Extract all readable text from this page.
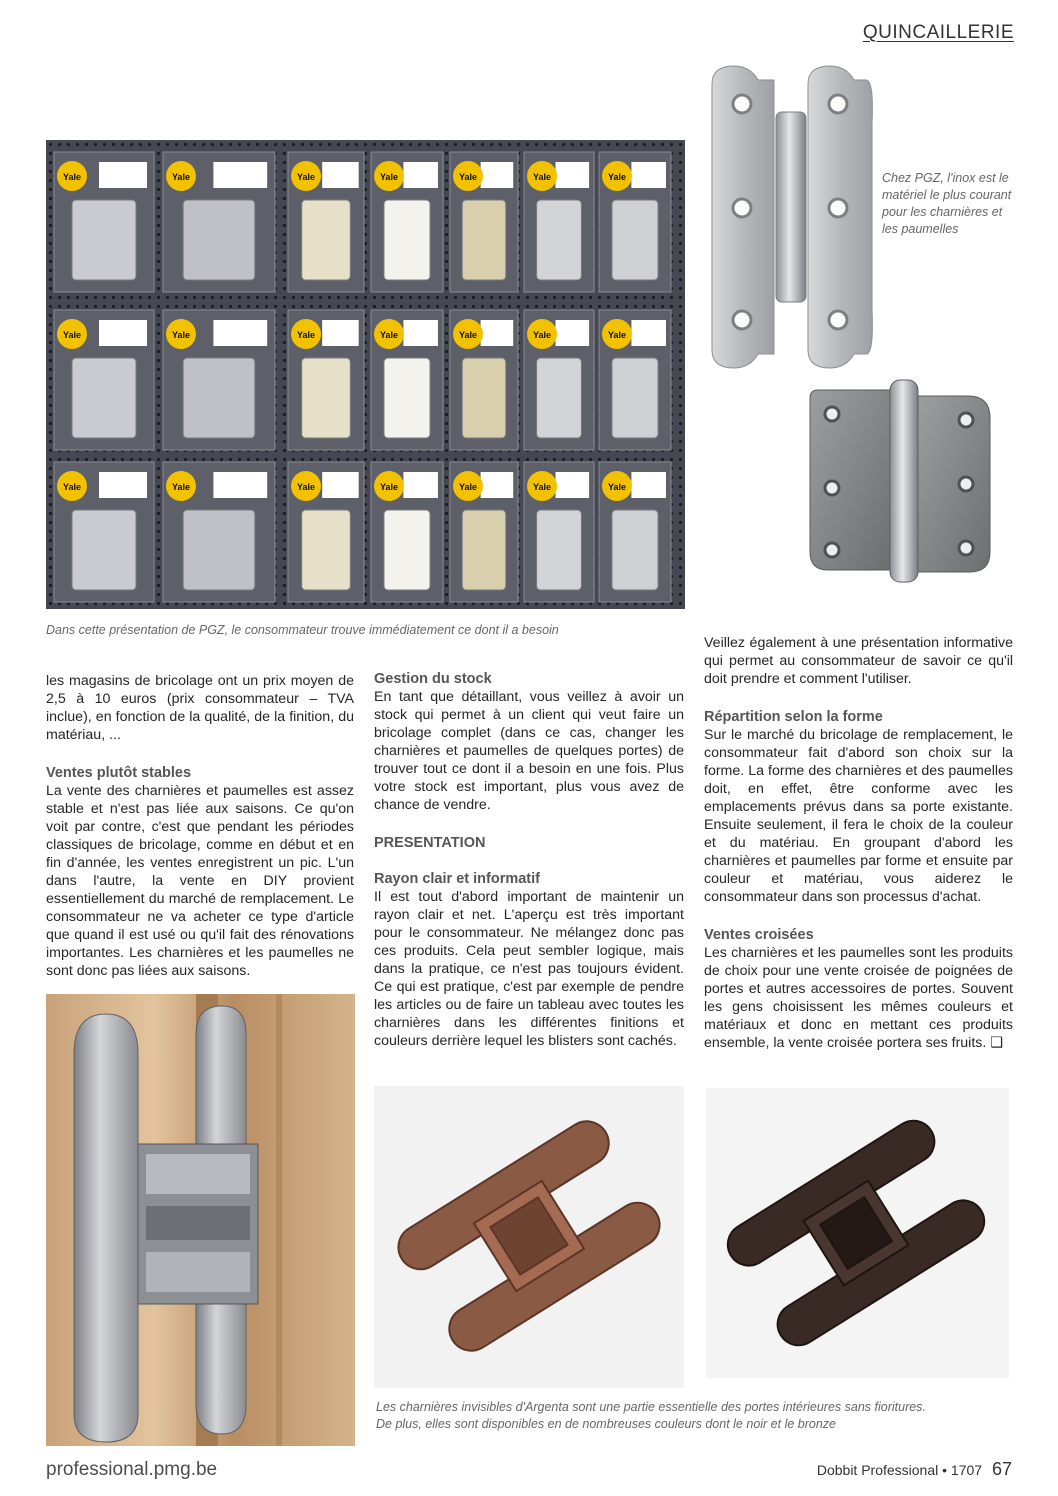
QUINCAILLERIE
Yale	Yale	Yale	Yale	Yale	Yale	Yale
Yale	Yale	Yale	Yale	Yale	Yale	Yale
Yale	Yale	Yale	Yale	Yale	Yale	Yale
Dans cette présentation de PGZ, le consommateur trouve immédiatement ce dont il a besoin
Chez PGZ, l'inox est le matériel le plus courant pour les charnières et les paumelles

les magasins de bricolage ont un prix moyen de 2,5 à 10 euros (prix consommateur – TVA inclue), en fonction de la qualité, de la finition, du matériau, ...

Ventes plutôt stables

La vente des charnières et paumelles est assez stable et n'est pas liée aux saisons. Ce qu'on voit par contre, c'est que pendant les périodes classiques de bricolage, comme en début et en fin d'année, les ventes enregistrent un pic. L'un dans l'autre, la vente en DIY provient essentiellement du marché de remplacement. Le consommateur ne va acheter ce type d'article que quand il est usé ou qu'il fait des rénovations importantes. Les charnières et les paumelles ne sont donc pas liées aux saisons.

Gestion du stock

En tant que détaillant, vous veillez à avoir un stock qui permet à un client qui veut faire un bricolage complet (dans ce cas, changer les charnières et paumelles de quelques portes) de trouver tout ce dont il a besoin en une fois. Plus votre stock est important, plus vous avez de chance de vendre.

PRESENTATION
Rayon clair et informatif

Il est tout d'abord important de maintenir un rayon clair et net. L'aperçu est très important pour le consommateur. Ne mélangez donc pas ces produits. Cela peut sembler logique, mais dans la pratique, ce n'est pas toujours évident. Ce qui est pratique, c'est par exemple de pendre les articles ou de faire un tableau avec toutes les charnières dans les différentes finitions et couleurs derrière lequel les blisters sont cachés.

Veillez également à une présentation informative qui permet au consommateur de savoir ce qu'il doit prendre et comment l'utiliser.

Répartition selon la forme

Sur le marché du bricolage de remplacement, le consommateur fait d'abord son choix sur la forme. La forme des charnières et des paumelles doit, en effet, être conforme avec les emplacements prévus dans sa porte existante. Ensuite seulement, il fera le choix de la couleur et du matériau. En groupant d'abord les charnières et paumelles par forme et ensuite par couleur et matériau, vous aiderez le consommateur dans son processus d'achat.

Ventes croisées

Les charnières et les paumelles sont les produits de choix pour une vente croisée de poignées de portes et autres accessoires de portes. Souvent les gens choisissent les mêmes couleurs et matériaux et donc en mettant ces produits ensemble, la vente croisée portera ses fruits. ❑

Les charnières invisibles d'Argenta sont une partie essentielle des portes intérieures sans fioritures.
De plus, elles sont disponibles en de nombreuses couleurs dont le noir et le bronze
professional.pmg.be	Dobbit Professional • 1707 67
